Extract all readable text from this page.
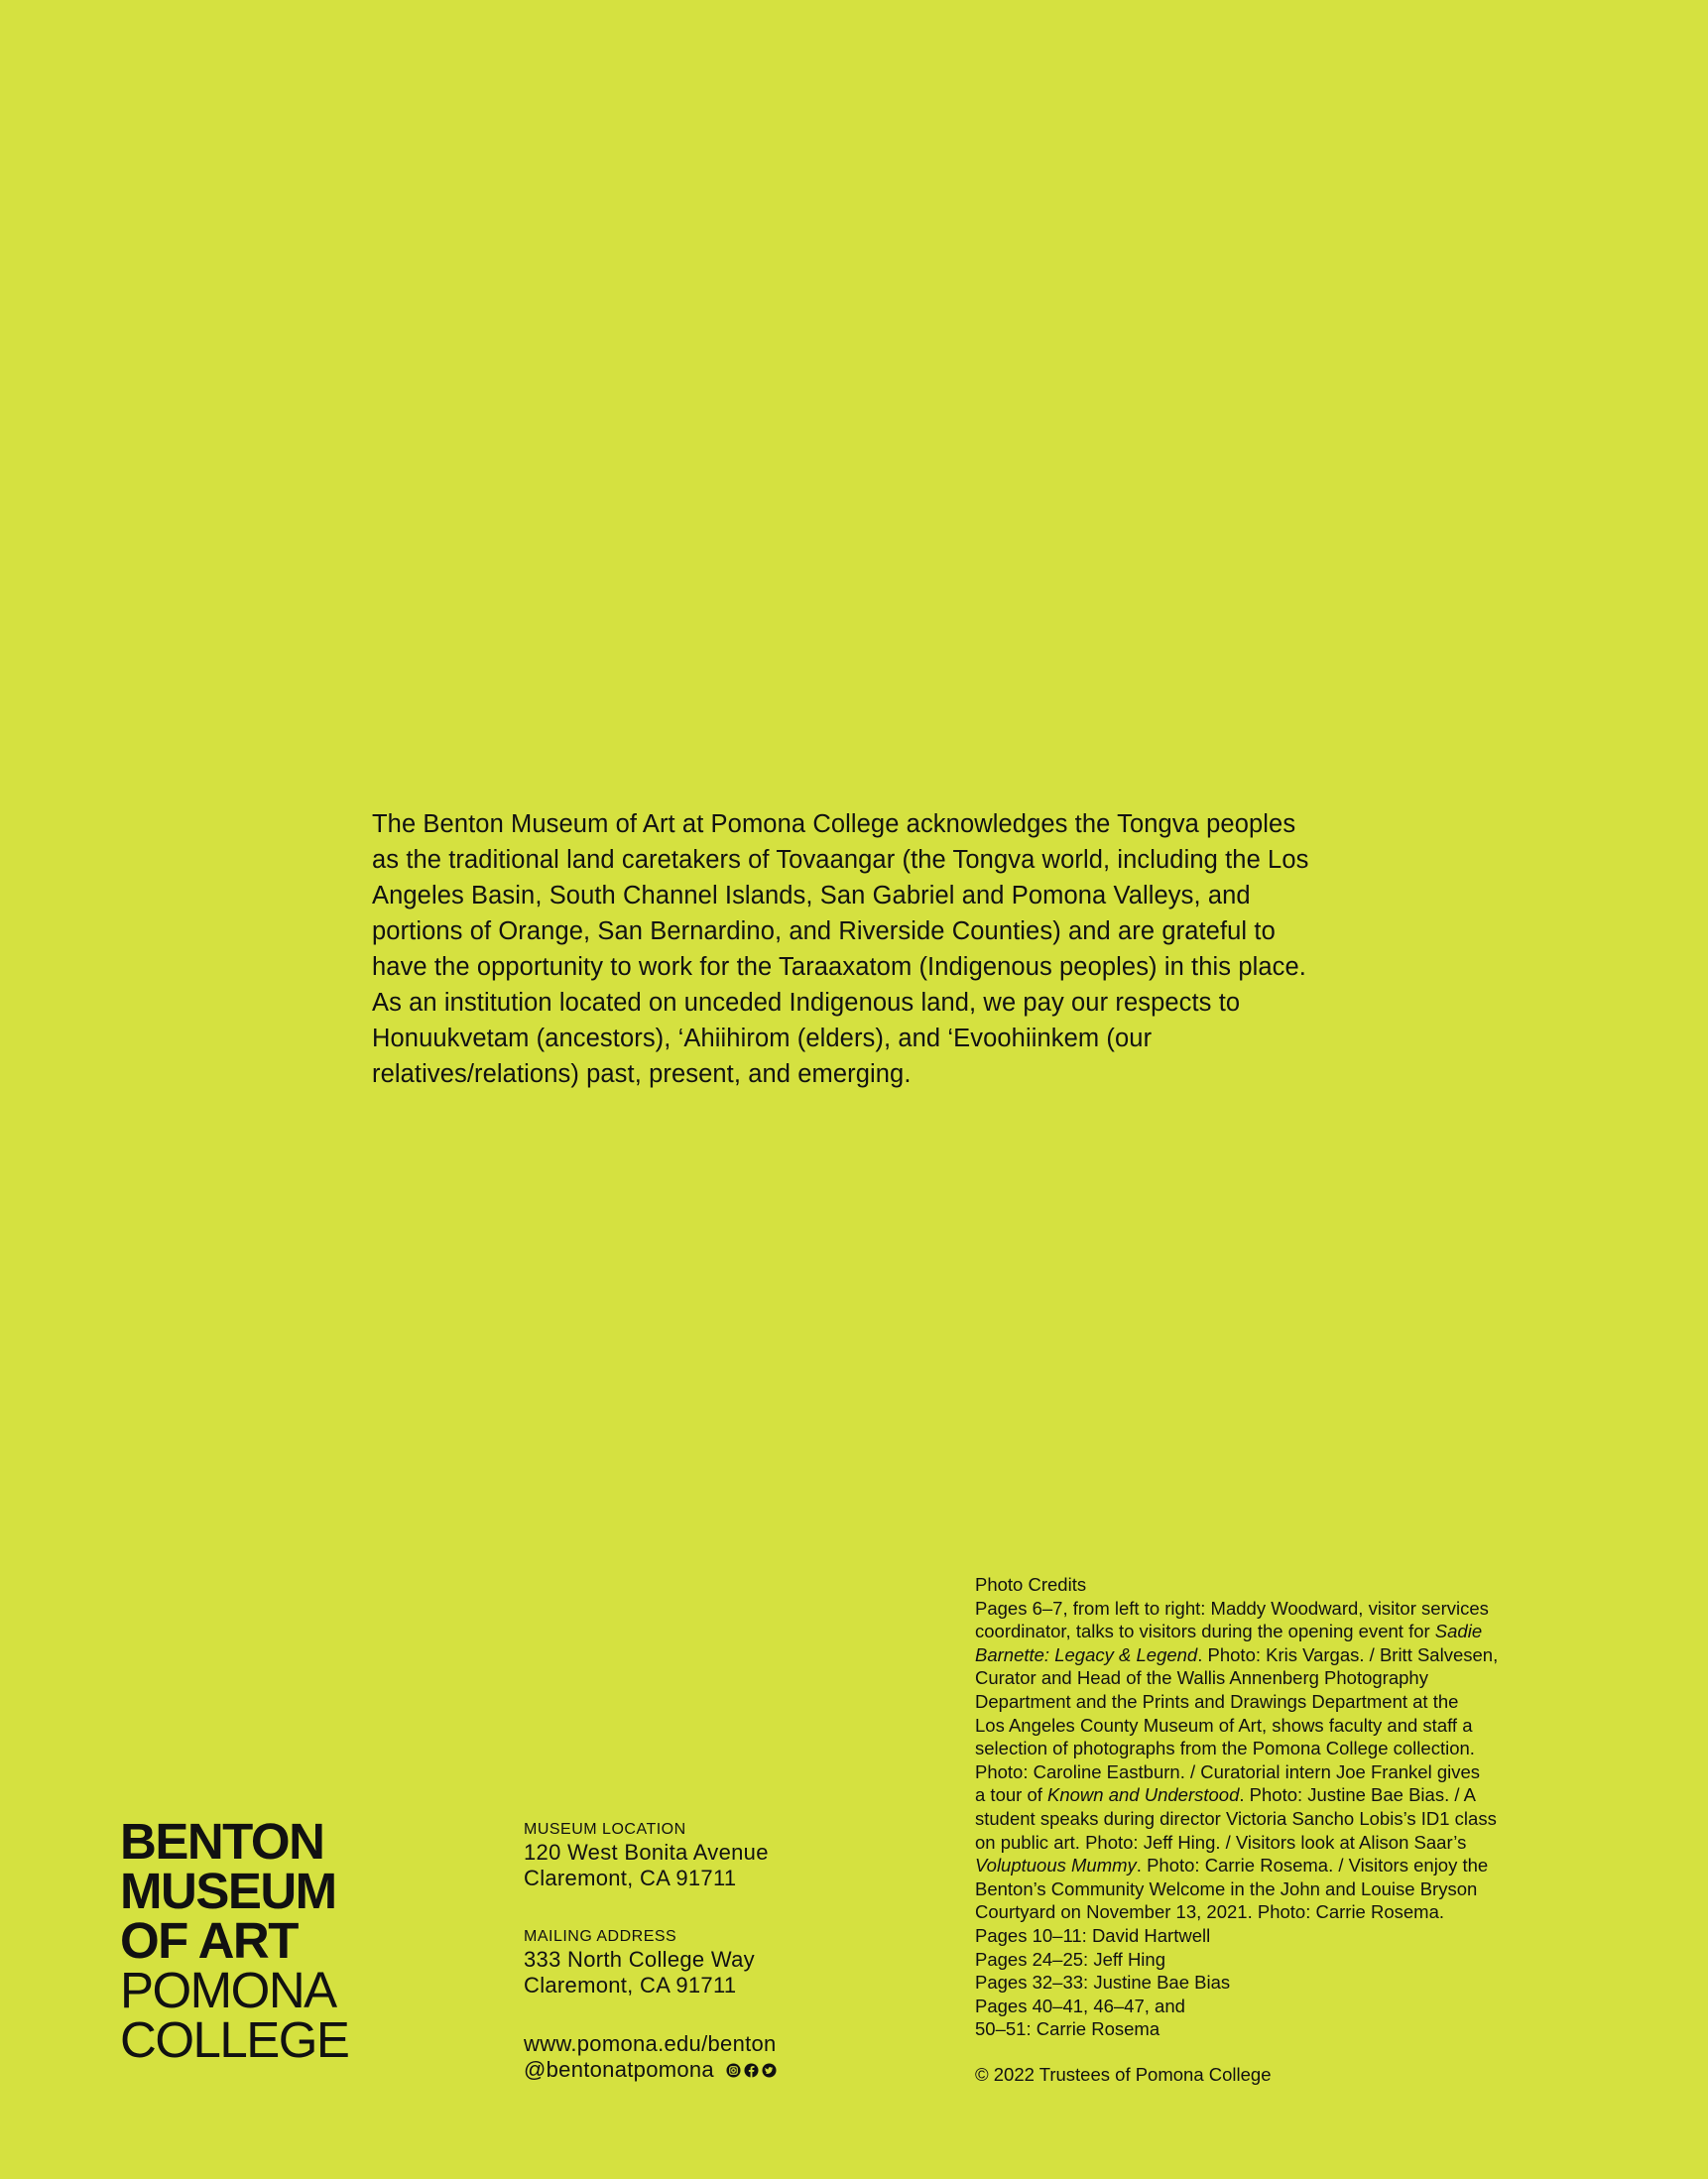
The Benton Museum of Art at Pomona College acknowledges the Tongva peoples as the traditional land caretakers of Tovaangar (the Tongva world, including the Los Angeles Basin, South Channel Islands, San Gabriel and Pomona Valleys, and portions of Orange, San Bernardino, and Riverside Counties) and are grateful to have the opportunity to work for the Taraaxatom (Indigenous peoples) in this place. As an institution located on unceded Indigenous land, we pay our respects to Honuukvetam (ancestors), ‘Ahiihirom (elders), and ‘Evoohiinkem (our relatives/relations) past, present, and emerging.

BENTON
MUSEUM
OF ART
POMONA
COLLEGE
MUSEUM LOCATION
120 West Bonita Avenue
Claremont, CA 91711
MAILING ADDRESS
333 North College Way
Claremont, CA 91711
www.pomona.edu/benton
@bentonatpomona
Photo Credits
Pages 6–7, from left to right: Maddy Woodward, visitor services
coordinator, talks to visitors during the opening event for Sadie
Barnette: Legacy & Legend. Photo: Kris Vargas. / Britt Salvesen,
Curator and Head of the Wallis Annenberg Photography
Department and the Prints and Drawings Department at the
Los Angeles County Museum of Art, shows faculty and staff a
selection of photographs from the Pomona College collection.
Photo: Caroline Eastburn. / Curatorial intern Joe Frankel gives
a tour of Known and Understood. Photo: Justine Bae Bias. / A
student speaks during director Victoria Sancho Lobis’s ID1 class
on public art. Photo: Jeff Hing. / Visitors look at Alison Saar’s
Voluptuous Mummy. Photo: Carrie Rosema. / Visitors enjoy the
Benton’s Community Welcome in the John and Louise Bryson
Courtyard on November 13, 2021. Photo: Carrie Rosema.
Pages 10–11: David Hartwell
Pages 24–25: Jeff Hing
Pages 32–33: Justine Bae Bias
Pages 40–41, 46–47, and
50–51: Carrie Rosema
© 2022 Trustees of Pomona College
